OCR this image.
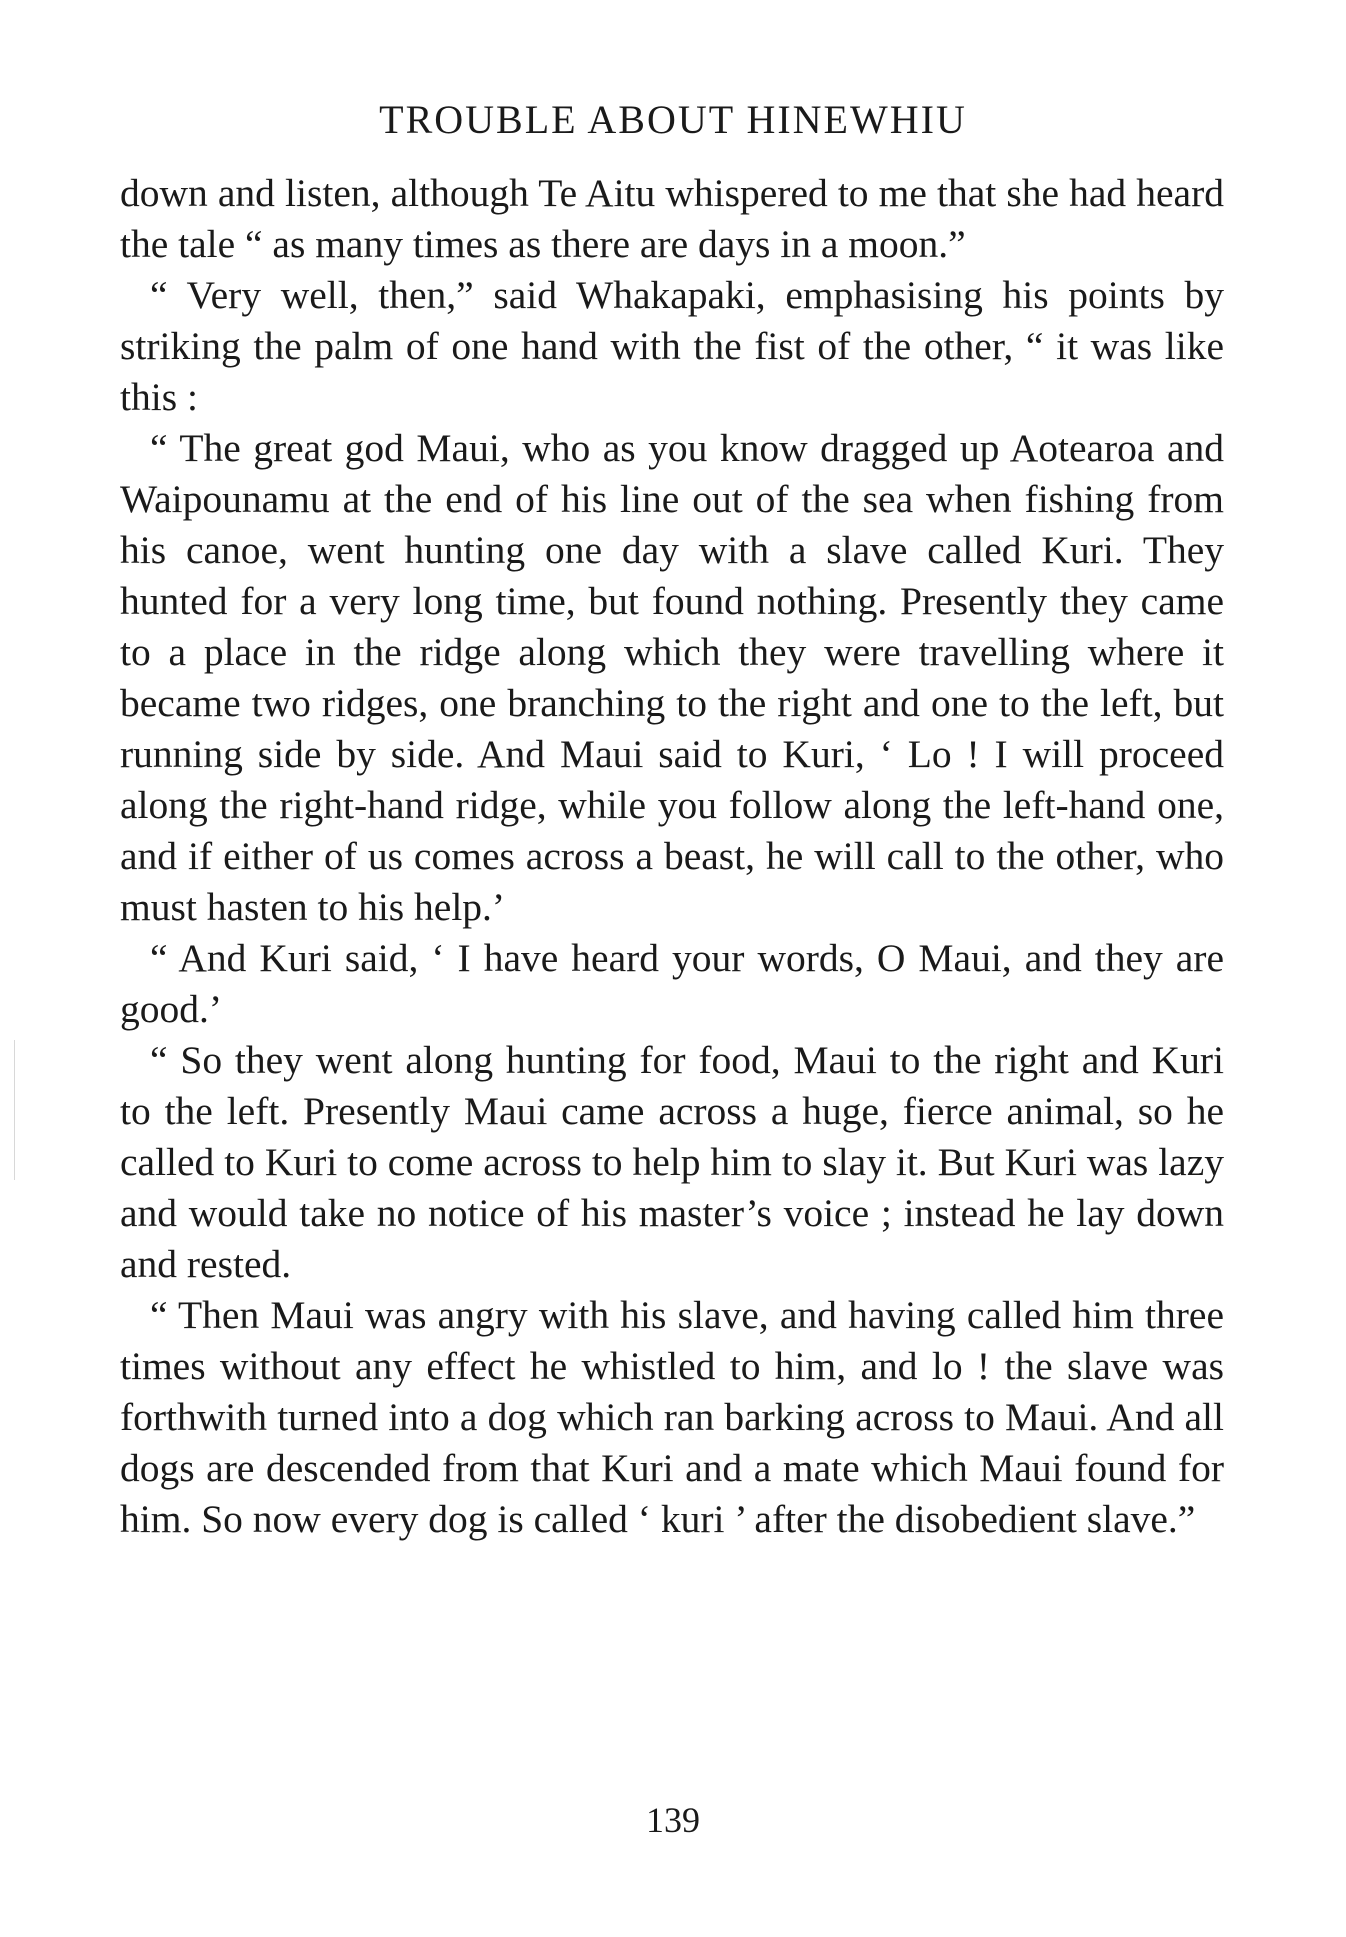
TROUBLE ABOUT HINEWHIU

down and listen, although Te Aitu whispered to me that she had heard the tale “ as many times as there are days in a moon.”

“ Very well, then,” said Whakapaki, emphasising his points by striking the palm of one hand with the fist of the other, “ it was like this :

“ The great god Maui, who as you know dragged up Aotearoa and Waipounamu at the end of his line out of the sea when fishing from his canoe, went hunting one day with a slave called Kuri. They hunted for a very long time, but found nothing. Presently they came to a place in the ridge along which they were travelling where it became two ridges, one branching to the right and one to the left, but running side by side. And Maui said to Kuri, ‘ Lo ! I will proceed along the right-hand ridge, while you follow along the left-hand one, and if either of us comes across a beast, he will call to the other, who must hasten to his help.’

“ And Kuri said, ‘ I have heard your words, O Maui, and they are good.’

“ So they went along hunting for food, Maui to the right and Kuri to the left. Presently Maui came across a huge, fierce animal, so he called to Kuri to come across to help him to slay it. But Kuri was lazy and would take no notice of his master’s voice ; instead he lay down and rested.

“ Then Maui was angry with his slave, and having called him three times without any effect he whistled to him, and lo ! the slave was forthwith turned into a dog which ran barking across to Maui. And all dogs are descended from that Kuri and a mate which Maui found for him. So now every dog is called ‘ kuri ’ after the disobedient slave.”

139
